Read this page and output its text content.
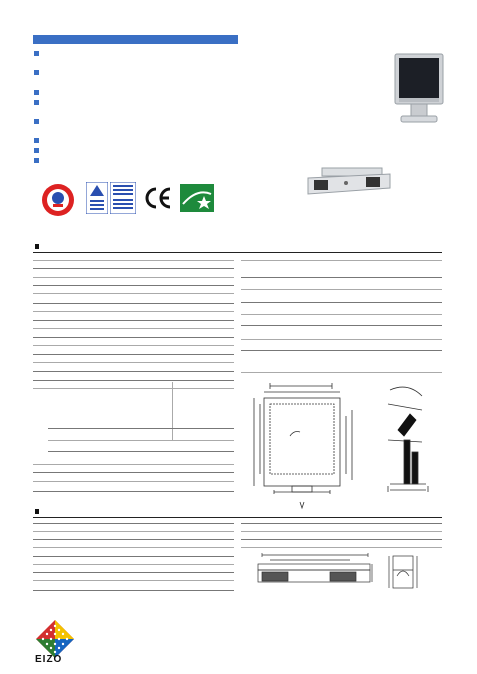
EIZO
